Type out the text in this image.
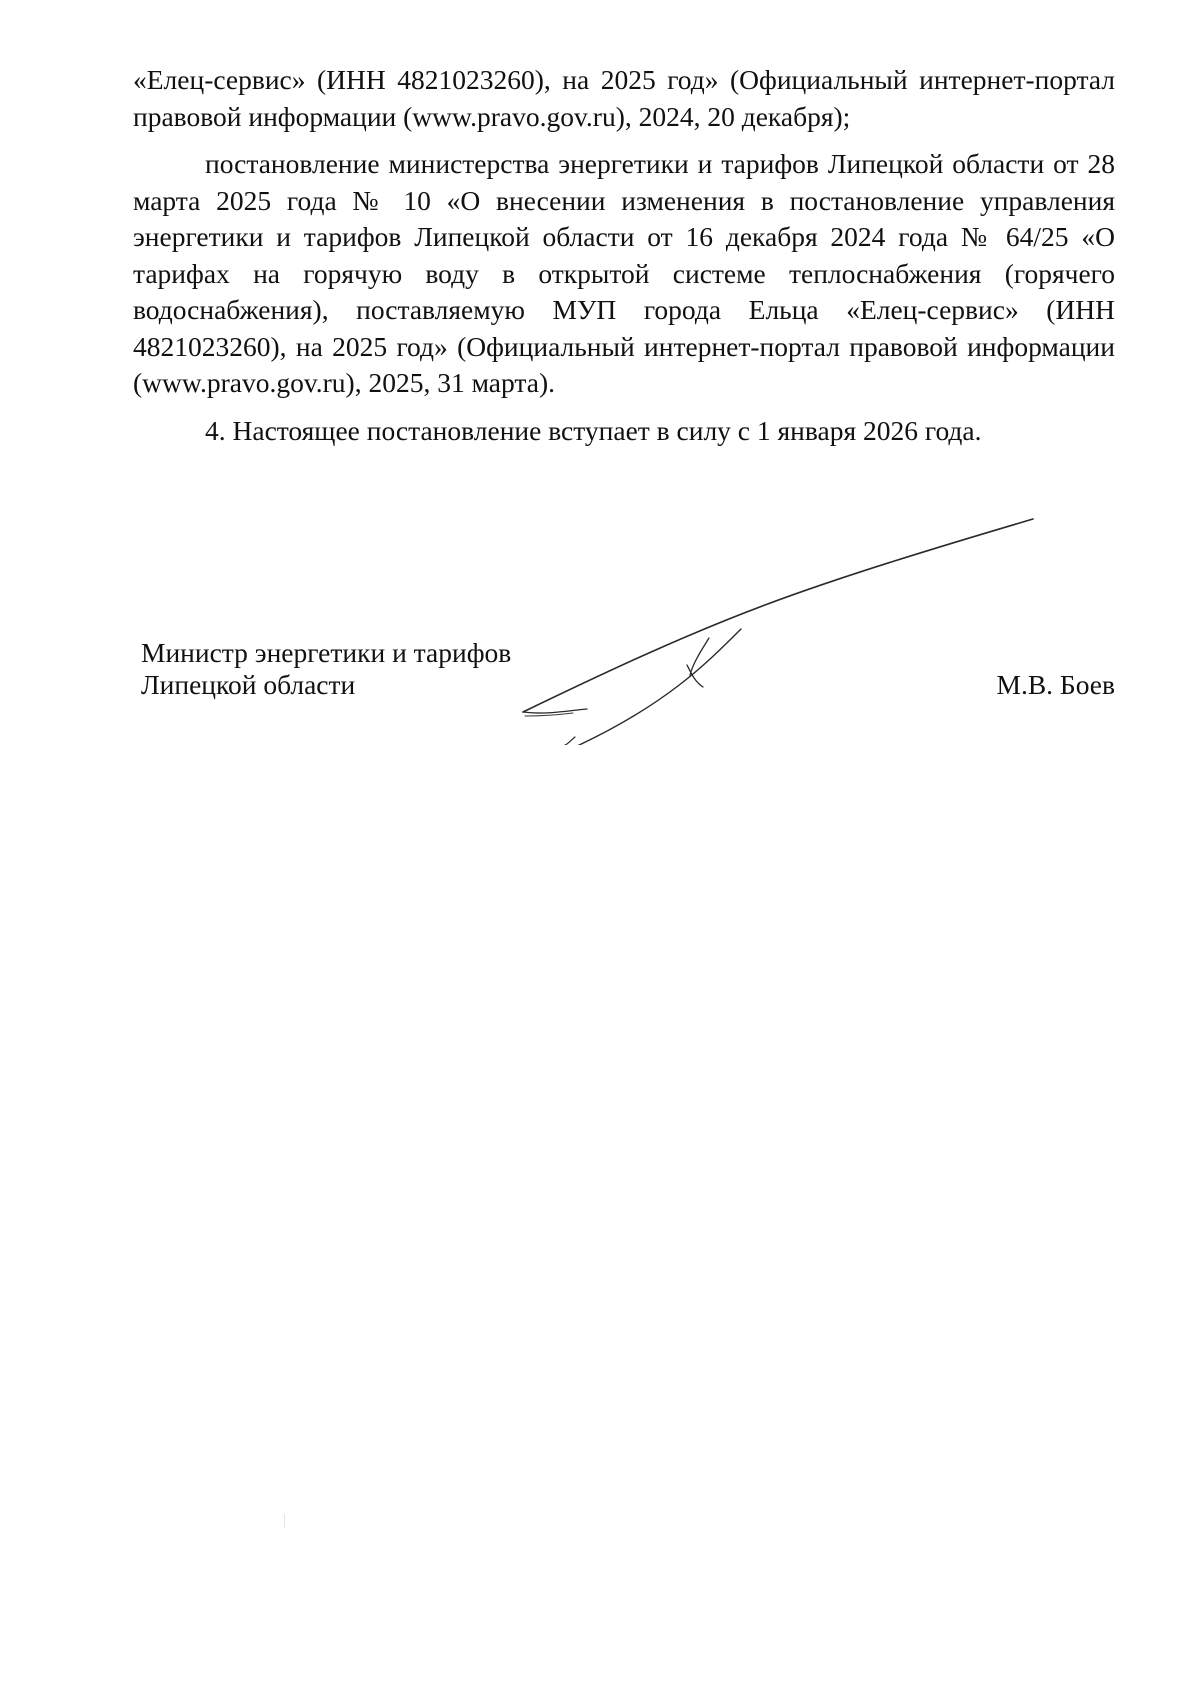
«Елец-сервис» (ИНН 4821023260), на 2025 год» (Официальный интернет-портал правовой информации (www.pravo.gov.ru), 2024, 20 декабря);

постановление министерства энергетики и тарифов Липецкой области от 28 марта 2025 года № 10 «О внесении изменения в постановление управления энергетики и тарифов Липецкой области от 16 декабря 2024 года № 64/25 «О тарифах на горячую воду в открытой системе теплоснабжения (горячего водоснабжения), поставляемую МУП города Ельца «Елец-сервис» (ИНН 4821023260), на 2025 год» (Официальный интернет-портал правовой информации (www.pravo.gov.ru), 2025, 31 марта).

4. Настоящее постановление вступает в силу с 1 января 2026 года.

Министр энергетики и тарифов
Липецкой области	М.В. Боев
